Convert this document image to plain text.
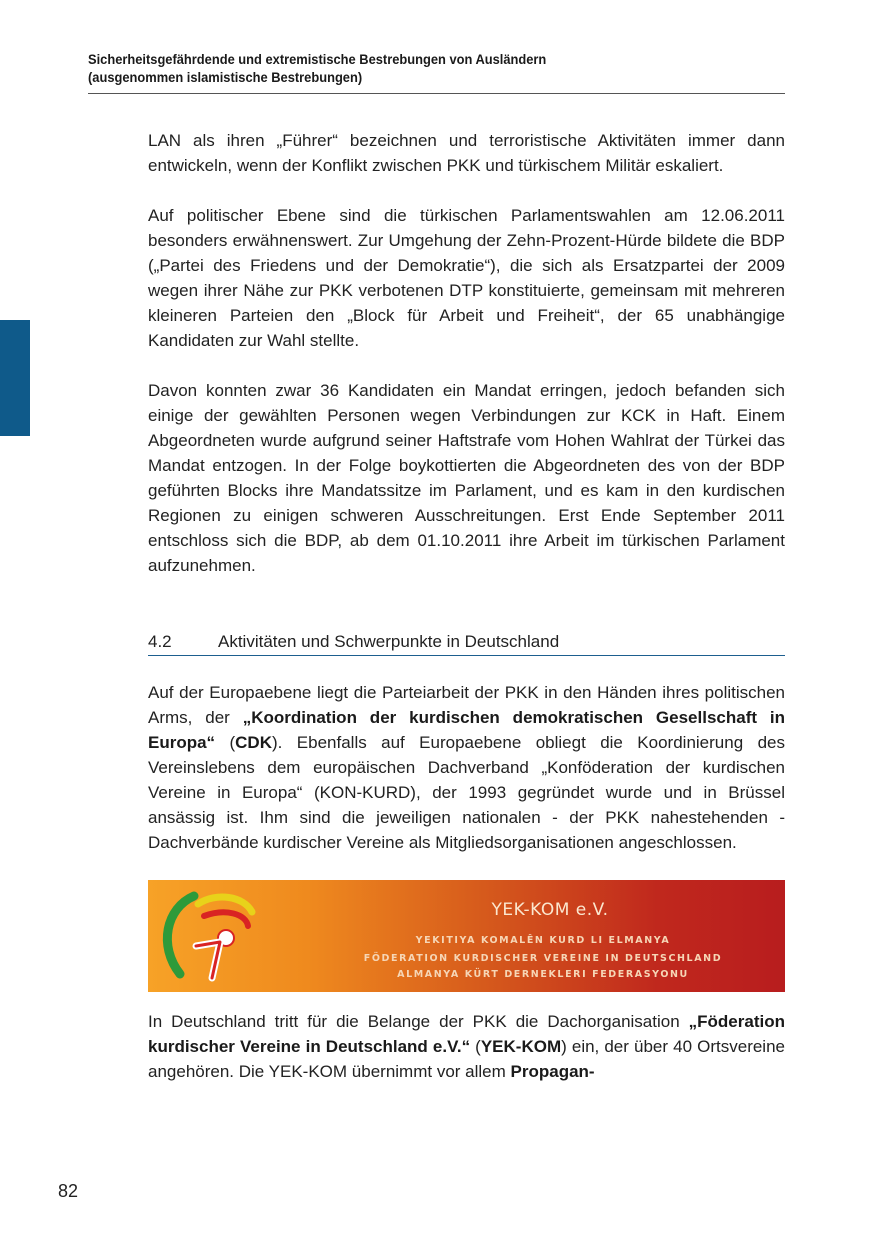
Sicherheitsgefährdende und extremistische Bestrebungen von Ausländern
(ausgenommen islamistische Bestrebungen)

LAN als ihren „Führer“ bezeichnen und terroristische Aktivitäten immer dann entwickeln, wenn der Konflikt zwischen PKK und türkischem Militär eskaliert.

Auf politischer Ebene sind die türkischen Parlamentswahlen am 12.06.2011 besonders erwähnenswert. Zur Umgehung der Zehn-Prozent-Hürde bildete die BDP („Partei des Friedens und der Demokratie“), die sich als Ersatzpartei der 2009 wegen ihrer Nähe zur PKK verbotenen DTP konstituierte, gemeinsam mit mehreren kleineren Parteien den „Block für Arbeit und Freiheit“, der 65 unabhängige Kandidaten zur Wahl stellte.

Davon konnten zwar 36 Kandidaten ein Mandat erringen, jedoch befanden sich einige der gewählten Personen wegen Verbindungen zur KCK in Haft. Einem Abgeordneten wurde aufgrund seiner Haftstrafe vom Hohen Wahlrat der Türkei das Mandat entzogen. In der Folge boykottierten die Abgeordneten des von der BDP geführten Blocks ihre Mandatssitze im Parlament, und es kam in den kurdischen Regionen zu einigen schweren Ausschreitungen. Erst Ende September 2011 entschloss sich die BDP, ab dem 01.10.2011 ihre Arbeit im türkischen Parlament aufzunehmen.

4.2	Aktivitäten und Schwerpunkte in Deutschland

Auf der Europaebene liegt die Parteiarbeit der PKK in den Händen ihres politischen Arms, der „Koordination der kurdischen demokratischen Gesellschaft in Europa“ (CDK). Ebenfalls auf Europaebene obliegt die Koordinierung des Vereinslebens dem europäischen Dachverband „Konföderation der kurdischen Vereine in Europa“ (KON-KURD), der 1993 gegründet wurde und in Brüssel ansässig ist. Ihm sind die jeweiligen nationalen - der PKK nahestehenden - Dachverbände kurdischer Vereine als Mitgliedsorganisationen angeschlossen.

YEK-KOM e.V.
YEKITIYA KOMALÊN KURD LI ELMANYA
FÖDERATION KURDISCHER VEREINE IN DEUTSCHLAND
ALMANYA KÜRT DERNEKLERI FEDERASYONU

In Deutschland tritt für die Belange der PKK die Dachorganisation „Föderation kurdischer Vereine in Deutschland e.V.“ (YEK-KOM) ein, der über 40 Ortsvereine angehören. Die YEK-KOM übernimmt vor allem Propagan-

82
